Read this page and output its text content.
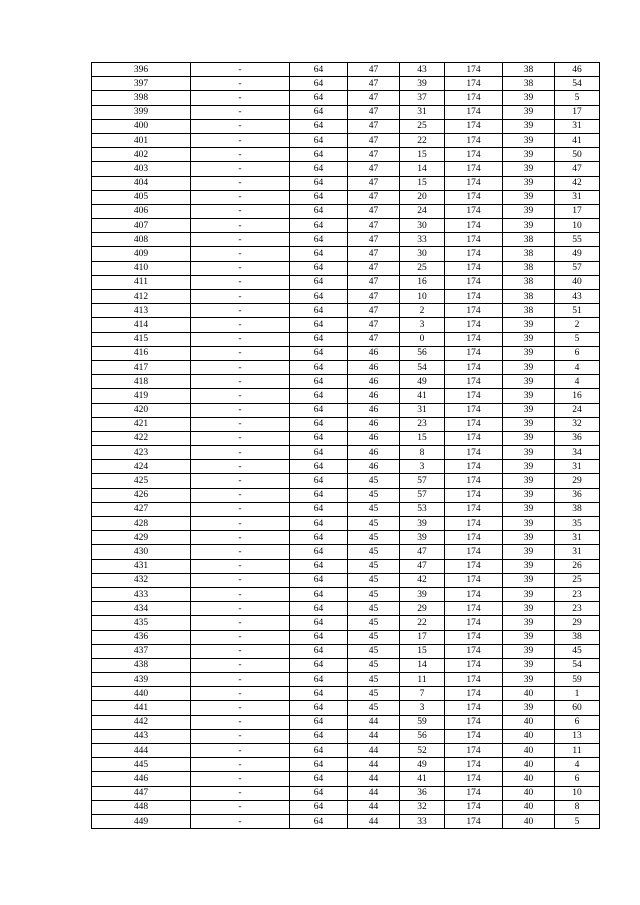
396	-	64	47	43	174	38	46
397	-	64	47	39	174	38	54
398	-	64	47	37	174	39	5
399	-	64	47	31	174	39	17
400	-	64	47	25	174	39	31
401	-	64	47	22	174	39	41
402	-	64	47	15	174	39	50
403	-	64	47	14	174	39	47
404	-	64	47	15	174	39	42
405	-	64	47	20	174	39	31
406	-	64	47	24	174	39	17
407	-	64	47	30	174	39	10
408	-	64	47	33	174	38	55
409	-	64	47	30	174	38	49
410	-	64	47	25	174	38	57
411	-	64	47	16	174	38	40
412	-	64	47	10	174	38	43
413	-	64	47	2	174	38	51
414	-	64	47	3	174	39	2
415	-	64	47	0	174	39	5
416	-	64	46	56	174	39	6
417	-	64	46	54	174	39	4
418	-	64	46	49	174	39	4
419	-	64	46	41	174	39	16
420	-	64	46	31	174	39	24
421	-	64	46	23	174	39	32
422	-	64	46	15	174	39	36
423	-	64	46	8	174	39	34
424	-	64	46	3	174	39	31
425	-	64	45	57	174	39	29
426	-	64	45	57	174	39	36
427	-	64	45	53	174	39	38
428	-	64	45	39	174	39	35
429	-	64	45	39	174	39	31
430	-	64	45	47	174	39	31
431	-	64	45	47	174	39	26
432	-	64	45	42	174	39	25
433	-	64	45	39	174	39	23
434	-	64	45	29	174	39	23
435	-	64	45	22	174	39	29
436	-	64	45	17	174	39	38
437	-	64	45	15	174	39	45
438	-	64	45	14	174	39	54
439	-	64	45	11	174	39	59
440	-	64	45	7	174	40	1
441	-	64	45	3	174	39	60
442	-	64	44	59	174	40	6
443	-	64	44	56	174	40	13
444	-	64	44	52	174	40	11
445	-	64	44	49	174	40	4
446	-	64	44	41	174	40	6
447	-	64	44	36	174	40	10
448	-	64	44	32	174	40	8
449	-	64	44	33	174	40	5
